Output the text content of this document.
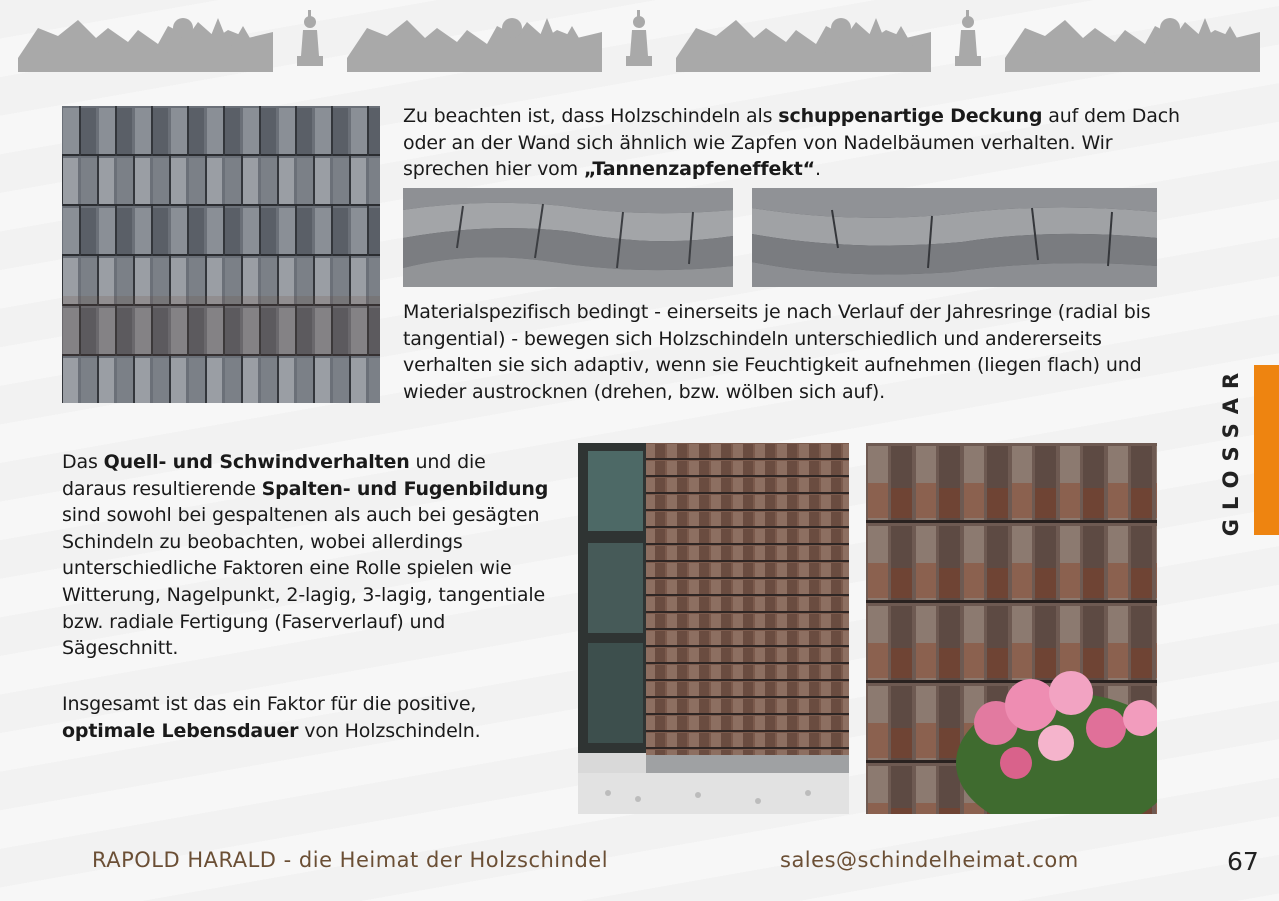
Zu beachten ist, dass Holzschindeln als schuppenartige Deckung auf dem Dach oder an der Wand sich ähnlich wie Zapfen von Nadelbäumen verhalten. Wir sprechen hier vom „Tannenzapfeneffekt“.
Materialspezifisch bedingt - einerseits je nach Verlauf der Jahresringe (radial bis tangential) - bewegen sich Holzschindeln unterschiedlich und andererseits verhalten sie sich adaptiv, wenn sie Feuchtigkeit aufnehmen (liegen flach) und wieder austrocknen (drehen, bzw. wölben sich auf).
Das Quell- und Schwindverhalten und die daraus resultierende Spalten- und Fugenbildung sind sowohl bei gespaltenen als auch bei gesägten Schindeln zu beobachten, wobei allerdings unterschiedliche Faktoren eine Rolle spielen wie Witterung, Nagelpunkt, 2-lagig, 3-lagig, tangentiale bzw. radiale Fertigung (Faserverlauf) und Sägeschnitt.
Insgesamt ist das ein Faktor für die positive, optimale Lebensdauer von Holzschindeln.
GLOSSAR
RAPOLD HARALD - die Heimat der Holzschindel	sales@schindelheimat.com	67
